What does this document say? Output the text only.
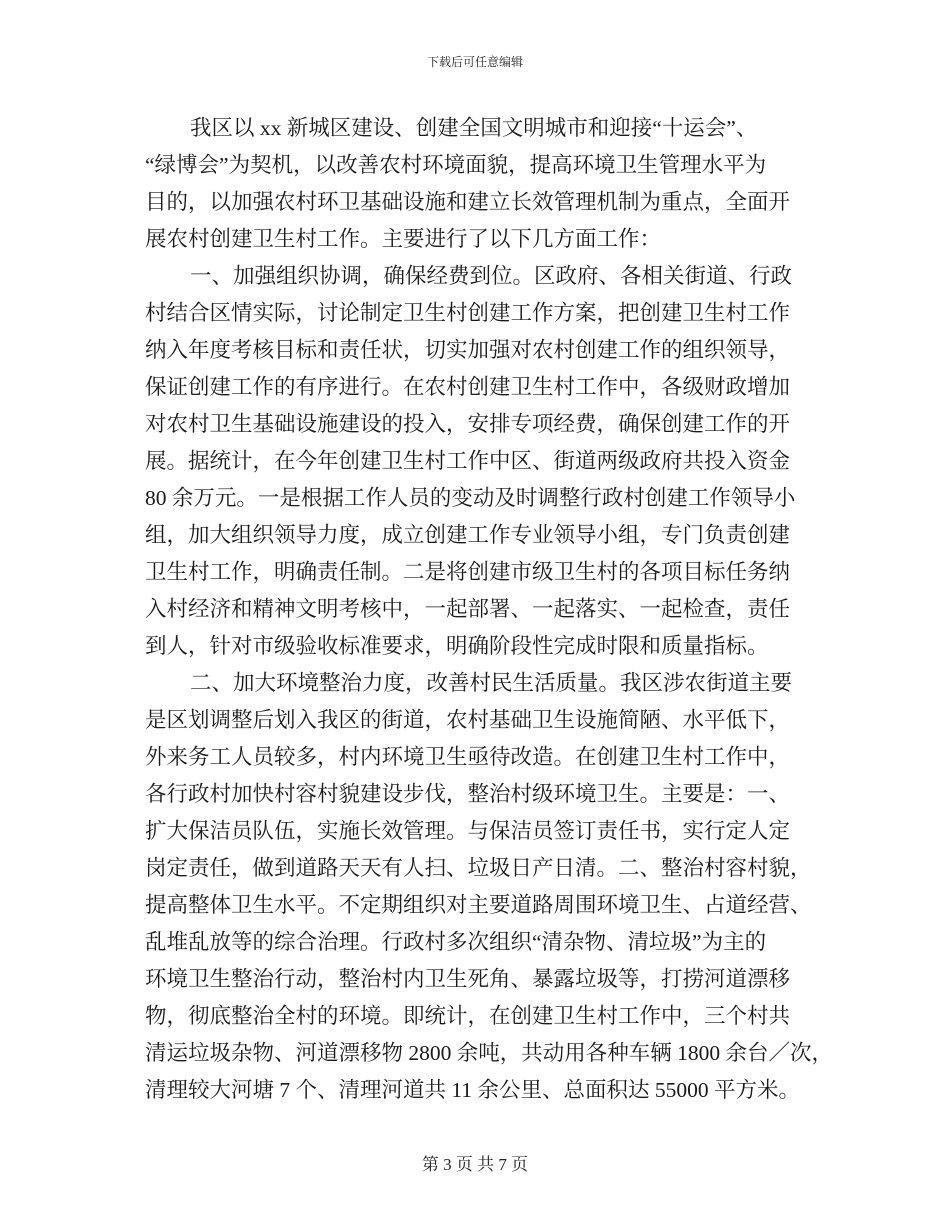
下载后可任意编辑
我区以 xx 新城区建设、创建全国文明城市和迎接“十运会”、
“绿博会”为契机，以改善农村环境面貌，提高环境卫生管理水平为
目的，以加强农村环卫基础设施和建立长效管理机制为重点，全面开
展农村创建卫生村工作。主要进行了以下几方面工作：
一、加强组织协调，确保经费到位。区政府、各相关街道、行政
村结合区情实际，讨论制定卫生村创建工作方案，把创建卫生村工作
纳入年度考核目标和责任状，切实加强对农村创建工作的组织领导，
保证创建工作的有序进行。在农村创建卫生村工作中，各级财政增加
对农村卫生基础设施建设的投入，安排专项经费，确保创建工作的开
展。据统计，在今年创建卫生村工作中区、街道两级政府共投入资金
80 余万元。一是根据工作人员的变动及时调整行政村创建工作领导小
组，加大组织领导力度，成立创建工作专业领导小组，专门负责创建
卫生村工作，明确责任制。二是将创建市级卫生村的各项目标任务纳
入村经济和精神文明考核中，一起部署、一起落实、一起检查，责任
到人，针对市级验收标准要求，明确阶段性完成时限和质量指标。
二、加大环境整治力度，改善村民生活质量。我区涉农街道主要
是区划调整后划入我区的街道，农村基础卫生设施简陋、水平低下，
外来务工人员较多，村内环境卫生亟待改造。在创建卫生村工作中，
各行政村加快村容村貌建设步伐，整治村级环境卫生。主要是：一、
扩大保洁员队伍，实施长效管理。与保洁员签订责任书，实行定人定
岗定责任，做到道路天天有人扫、垃圾日产日清。二、整治村容村貌，
提高整体卫生水平。不定期组织对主要道路周围环境卫生、占道经营、
乱堆乱放等的综合治理。行政村多次组织“清杂物、清垃圾”为主的
环境卫生整治行动，整治村内卫生死角、暴露垃圾等，打捞河道漂移
物，彻底整治全村的环境。即统计，在创建卫生村工作中，三个村共
清运垃圾杂物、河道漂移物 2800 余吨，共动用各种车辆 1800 余台／次，
清理较大河塘 7 个、清理河道共 11 余公里、总面积达 55000 平方米。
第 3 页 共 7 页
